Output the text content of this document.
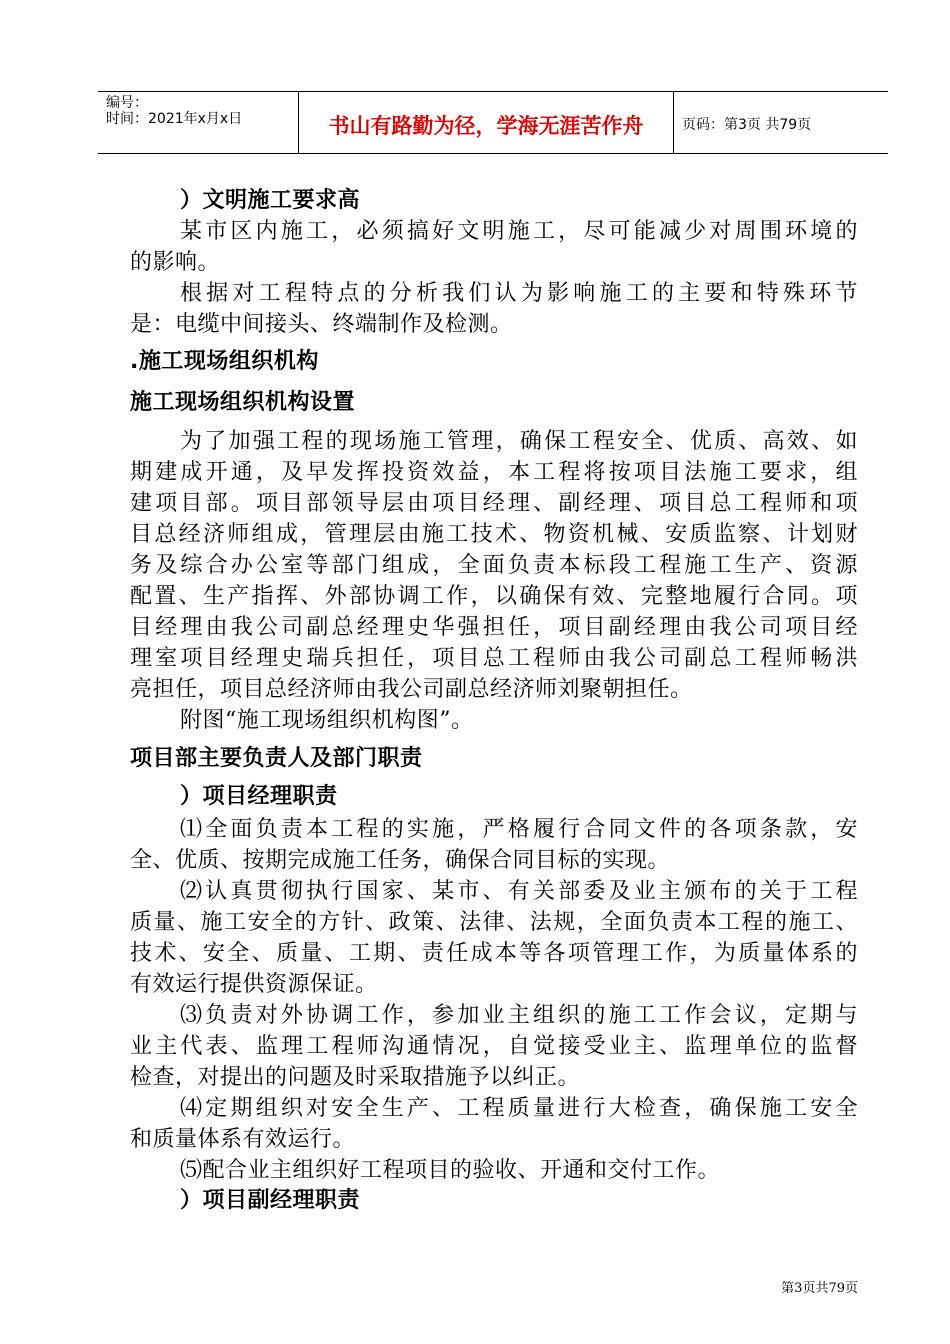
编号：
时间：2021年x月x日	书山有路勤为径，学海无涯苦作舟	页码：第3页 共79页
）文明施工要求高
某市区内施工，必须搞好文明施工，尽可能减少对周围环境的
的影响。
根据对工程特点的分析我们认为影响施工的主要和特殊环节
是：电缆中间接头、终端制作及检测。
.施工现场组织机构
施工现场组织机构设置
为了加强工程的现场施工管理，确保工程安全、优质、高效、如
期建成开通，及早发挥投资效益，本工程将按项目法施工要求，组
建项目部。项目部领导层由项目经理、副经理、项目总工程师和项
目总经济师组成，管理层由施工技术、物资机械、安质监察、计划财
务及综合办公室等部门组成，全面负责本标段工程施工生产、资源
配置、生产指挥、外部协调工作，以确保有效、完整地履行合同。项
目经理由我公司副总经理史华强担任，项目副经理由我公司项目经
理室项目经理史瑞兵担任，项目总工程师由我公司副总工程师畅洪
亮担任，项目总经济师由我公司副总经济师刘聚朝担任。
附图“施工现场组织机构图”。
项目部主要负责人及部门职责
）项目经理职责
⑴全面负责本工程的实施，严格履行合同文件的各项条款，安
全、优质、按期完成施工任务，确保合同目标的实现。
⑵认真贯彻执行国家、某市、有关部委及业主颁布的关于工程
质量、施工安全的方针、政策、法律、法规，全面负责本工程的施工、
技术、安全、质量、工期、责任成本等各项管理工作，为质量体系的
有效运行提供资源保证。
⑶负责对外协调工作，参加业主组织的施工工作会议，定期与
业主代表、监理工程师沟通情况，自觉接受业主、监理单位的监督
检查，对提出的问题及时采取措施予以纠正。
⑷定期组织对安全生产、工程质量进行大检查，确保施工安全
和质量体系有效运行。
⑸配合业主组织好工程项目的验收、开通和交付工作。
）项目副经理职责
第3页共79页
